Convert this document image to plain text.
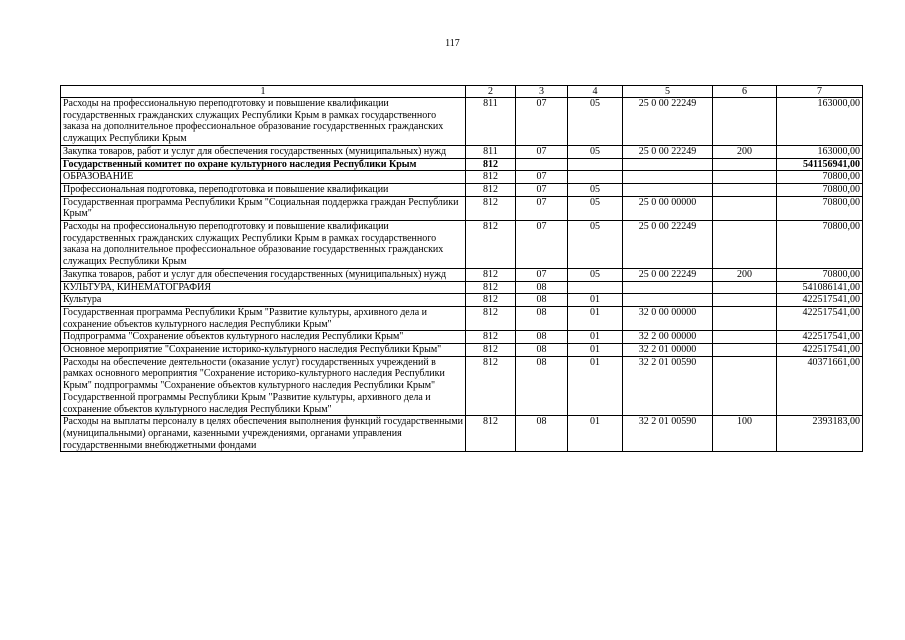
117
1	2	3	4	5	6	7
Расходы на профессиональную переподготовку и повышение квалификации государственных гражданских служащих Республики Крым в рамках государственного заказа на дополнительное профессиональное образование государственных гражданских служащих Республики Крым	811	07	05	25 0 00 22249		163000,00
Закупка товаров, работ и услуг для обеспечения государственных (муниципальных) нужд	811	07	05	25 0 00 22249	200	163000,00
Государственный комитет по охране культурного наследия Республики Крым	812					541156941,00
ОБРАЗОВАНИЕ	812	07				70800,00
Профессиональная подготовка, переподготовка и повышение квалификации	812	07	05			70800,00
Государственная программа Республики Крым "Социальная поддержка граждан Республики Крым"	812	07	05	25 0 00 00000		70800,00
Расходы на профессиональную переподготовку и повышение квалификации государственных гражданских служащих Республики Крым в рамках государственного заказа на дополнительное профессиональное образование государственных гражданских служащих Республики Крым	812	07	05	25 0 00 22249		70800,00
Закупка товаров, работ и услуг для обеспечения государственных (муниципальных) нужд	812	07	05	25 0 00 22249	200	70800,00
КУЛЬТУРА, КИНЕМАТОГРАФИЯ	812	08				541086141,00
Культура	812	08	01			422517541,00
Государственная программа Республики Крым "Развитие культуры, архивного дела и сохранение объектов культурного наследия Республики Крым"	812	08	01	32 0 00 00000		422517541,00
Подпрограмма "Сохранение объектов культурного наследия Республики Крым"	812	08	01	32 2 00 00000		422517541,00
Основное мероприятие "Сохранение историко-культурного наследия Республики Крым"	812	08	01	32 2 01 00000		422517541,00
Расходы на обеспечение деятельности (оказание услуг) государственных учреждений в рамках основного мероприятия "Сохранение историко-культурного наследия Республики Крым" подпрограммы "Сохранение объектов культурного наследия Республики Крым" Государственной программы Республики Крым "Развитие культуры, архивного дела и сохранение объектов культурного наследия Республики Крым"	812	08	01	32 2 01 00590		40371661,00
Расходы на выплаты персоналу в целях обеспечения выполнения функций государственными (муниципальными) органами, казенными учреждениями, органами управления государственными внебюджетными фондами	812	08	01	32 2 01 00590	100	2393183,00
